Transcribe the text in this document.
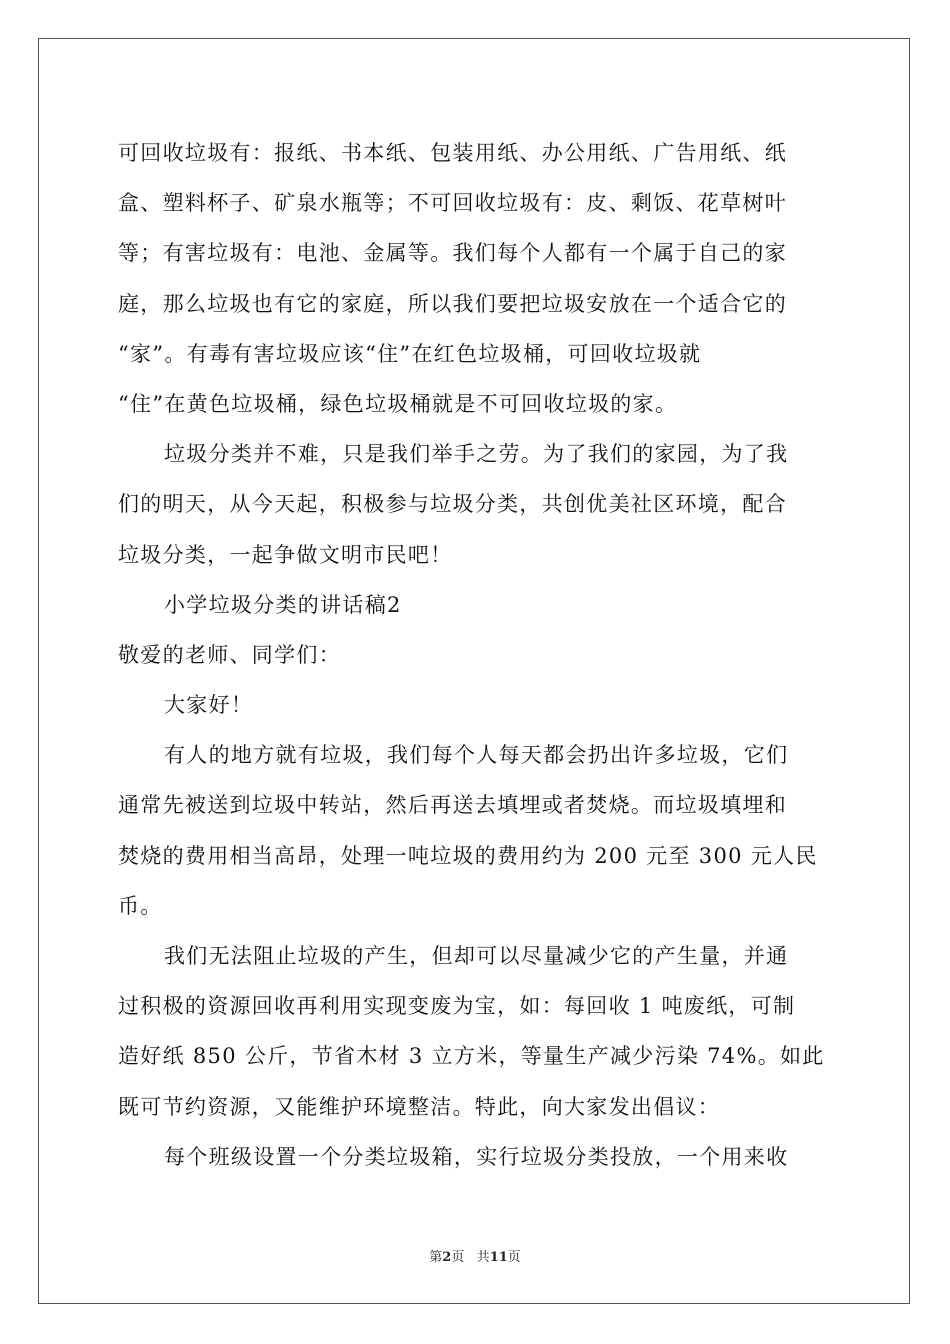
可回收垃圾有：报纸、书本纸、包装用纸、办公用纸、广告用纸、纸
盒、塑料杯子、矿泉水瓶等；不可回收垃圾有：皮、剩饭、花草树叶
等；有害垃圾有：电池、金属等。我们每个人都有一个属于自己的家
庭，那么垃圾也有它的家庭，所以我们要把垃圾安放在一个适合它的
“家”。有毒有害垃圾应该“住”在红色垃圾桶，可回收垃圾就
“住”在黄色垃圾桶，绿色垃圾桶就是不可回收垃圾的家。
垃圾分类并不难，只是我们举手之劳。为了我们的家园，为了我
们的明天，从今天起，积极参与垃圾分类，共创优美社区环境，配合
垃圾分类，一起争做文明市民吧！
小学垃圾分类的讲话稿2
敬爱的老师、同学们：
大家好！
有人的地方就有垃圾，我们每个人每天都会扔出许多垃圾，它们
通常先被送到垃圾中转站，然后再送去填埋或者焚烧。而垃圾填埋和
焚烧的费用相当高昂，处理一吨垃圾的费用约为 200 元至 300 元人民
币。
我们无法阻止垃圾的产生，但却可以尽量减少它的产生量，并通
过积极的资源回收再利用实现变废为宝，如：每回收 1 吨废纸，可制
造好纸 850 公斤，节省木材 3 立方米，等量生产减少污染 74%。如此
既可节约资源，又能维护环境整洁。特此，向大家发出倡议：
每个班级设置一个分类垃圾箱，实行垃圾分类投放，一个用来收
第2页 共11页
